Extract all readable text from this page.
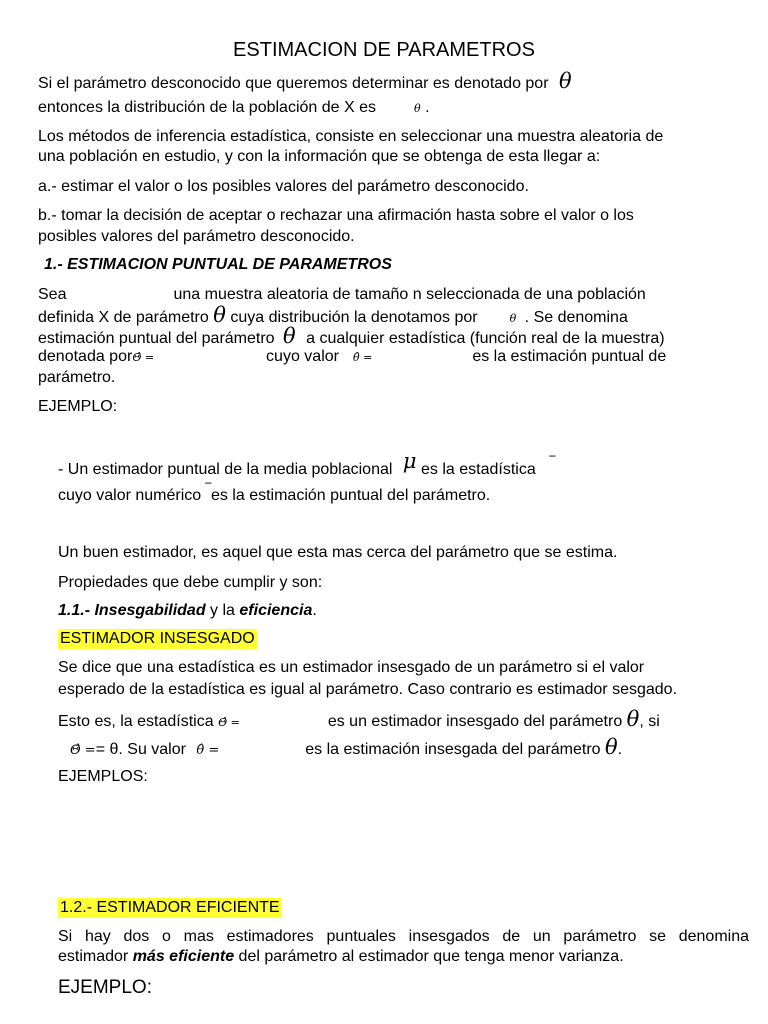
ESTIMACION DE PARAMETROS
Si el parámetro desconocido que queremos determinar es denotado por θ
entonces la distribución de la población de X es	θ .
Los métodos de inferencia estadística, consiste en seleccionar una muestra aleatoria de
una población en estudio, y con la información que se obtenga de esta llegar a:
a.- estimar el valor o los posibles valores del parámetro desconocido.
b.- tomar la decisión de aceptar o rechazar una afirmación hasta sobre el valor o los
posibles valores del parámetro desconocido.
1.- ESTIMACION PUNTUAL DE PARAMETROS
Sea	una muestra aleatoria de tamaño n seleccionada de una población
definida X de parámetro θ cuya distribución la denotamos por	θ . Se denomina
estimación puntual del parámetro θ a cualquier estadística (función real de la muestra)
denotada porΘ̂ =	cuyo valor θ̂ =	es la estimación puntual de
parámetro.
EJEMPLO:
- Un estimador puntual de la media poblacional μ es la estadística ‾
cuyo valor numérico ‾es la estimación puntual del parámetro.
Un buen estimador, es aquel que esta mas cerca del parámetro que se estima.
Propiedades que debe cumplir y son:
1.1.- Insesgabilidad y la eficiencia.
ESTIMADOR INSESGADO
Se dice que una estadística es un estimador insesgado de un parámetro si el valor
esperado de la estadística es igual al parámetro. Caso contrario es estimador sesgado.
Esto es, la estadística Θ̂ =	es un estimador insesgado del parámetro θ, si
Θ̂ == θ. Su valor θ̂ =	es la estimación insesgada del parámetro θ.
EJEMPLOS:
1.2.- ESTIMADOR EFICIENTE
Si hay dos o mas estimadores puntuales insesgados de un parámetro se denomina
estimador más eficiente del parámetro al estimador que tenga menor varianza.
EJEMPLO:
